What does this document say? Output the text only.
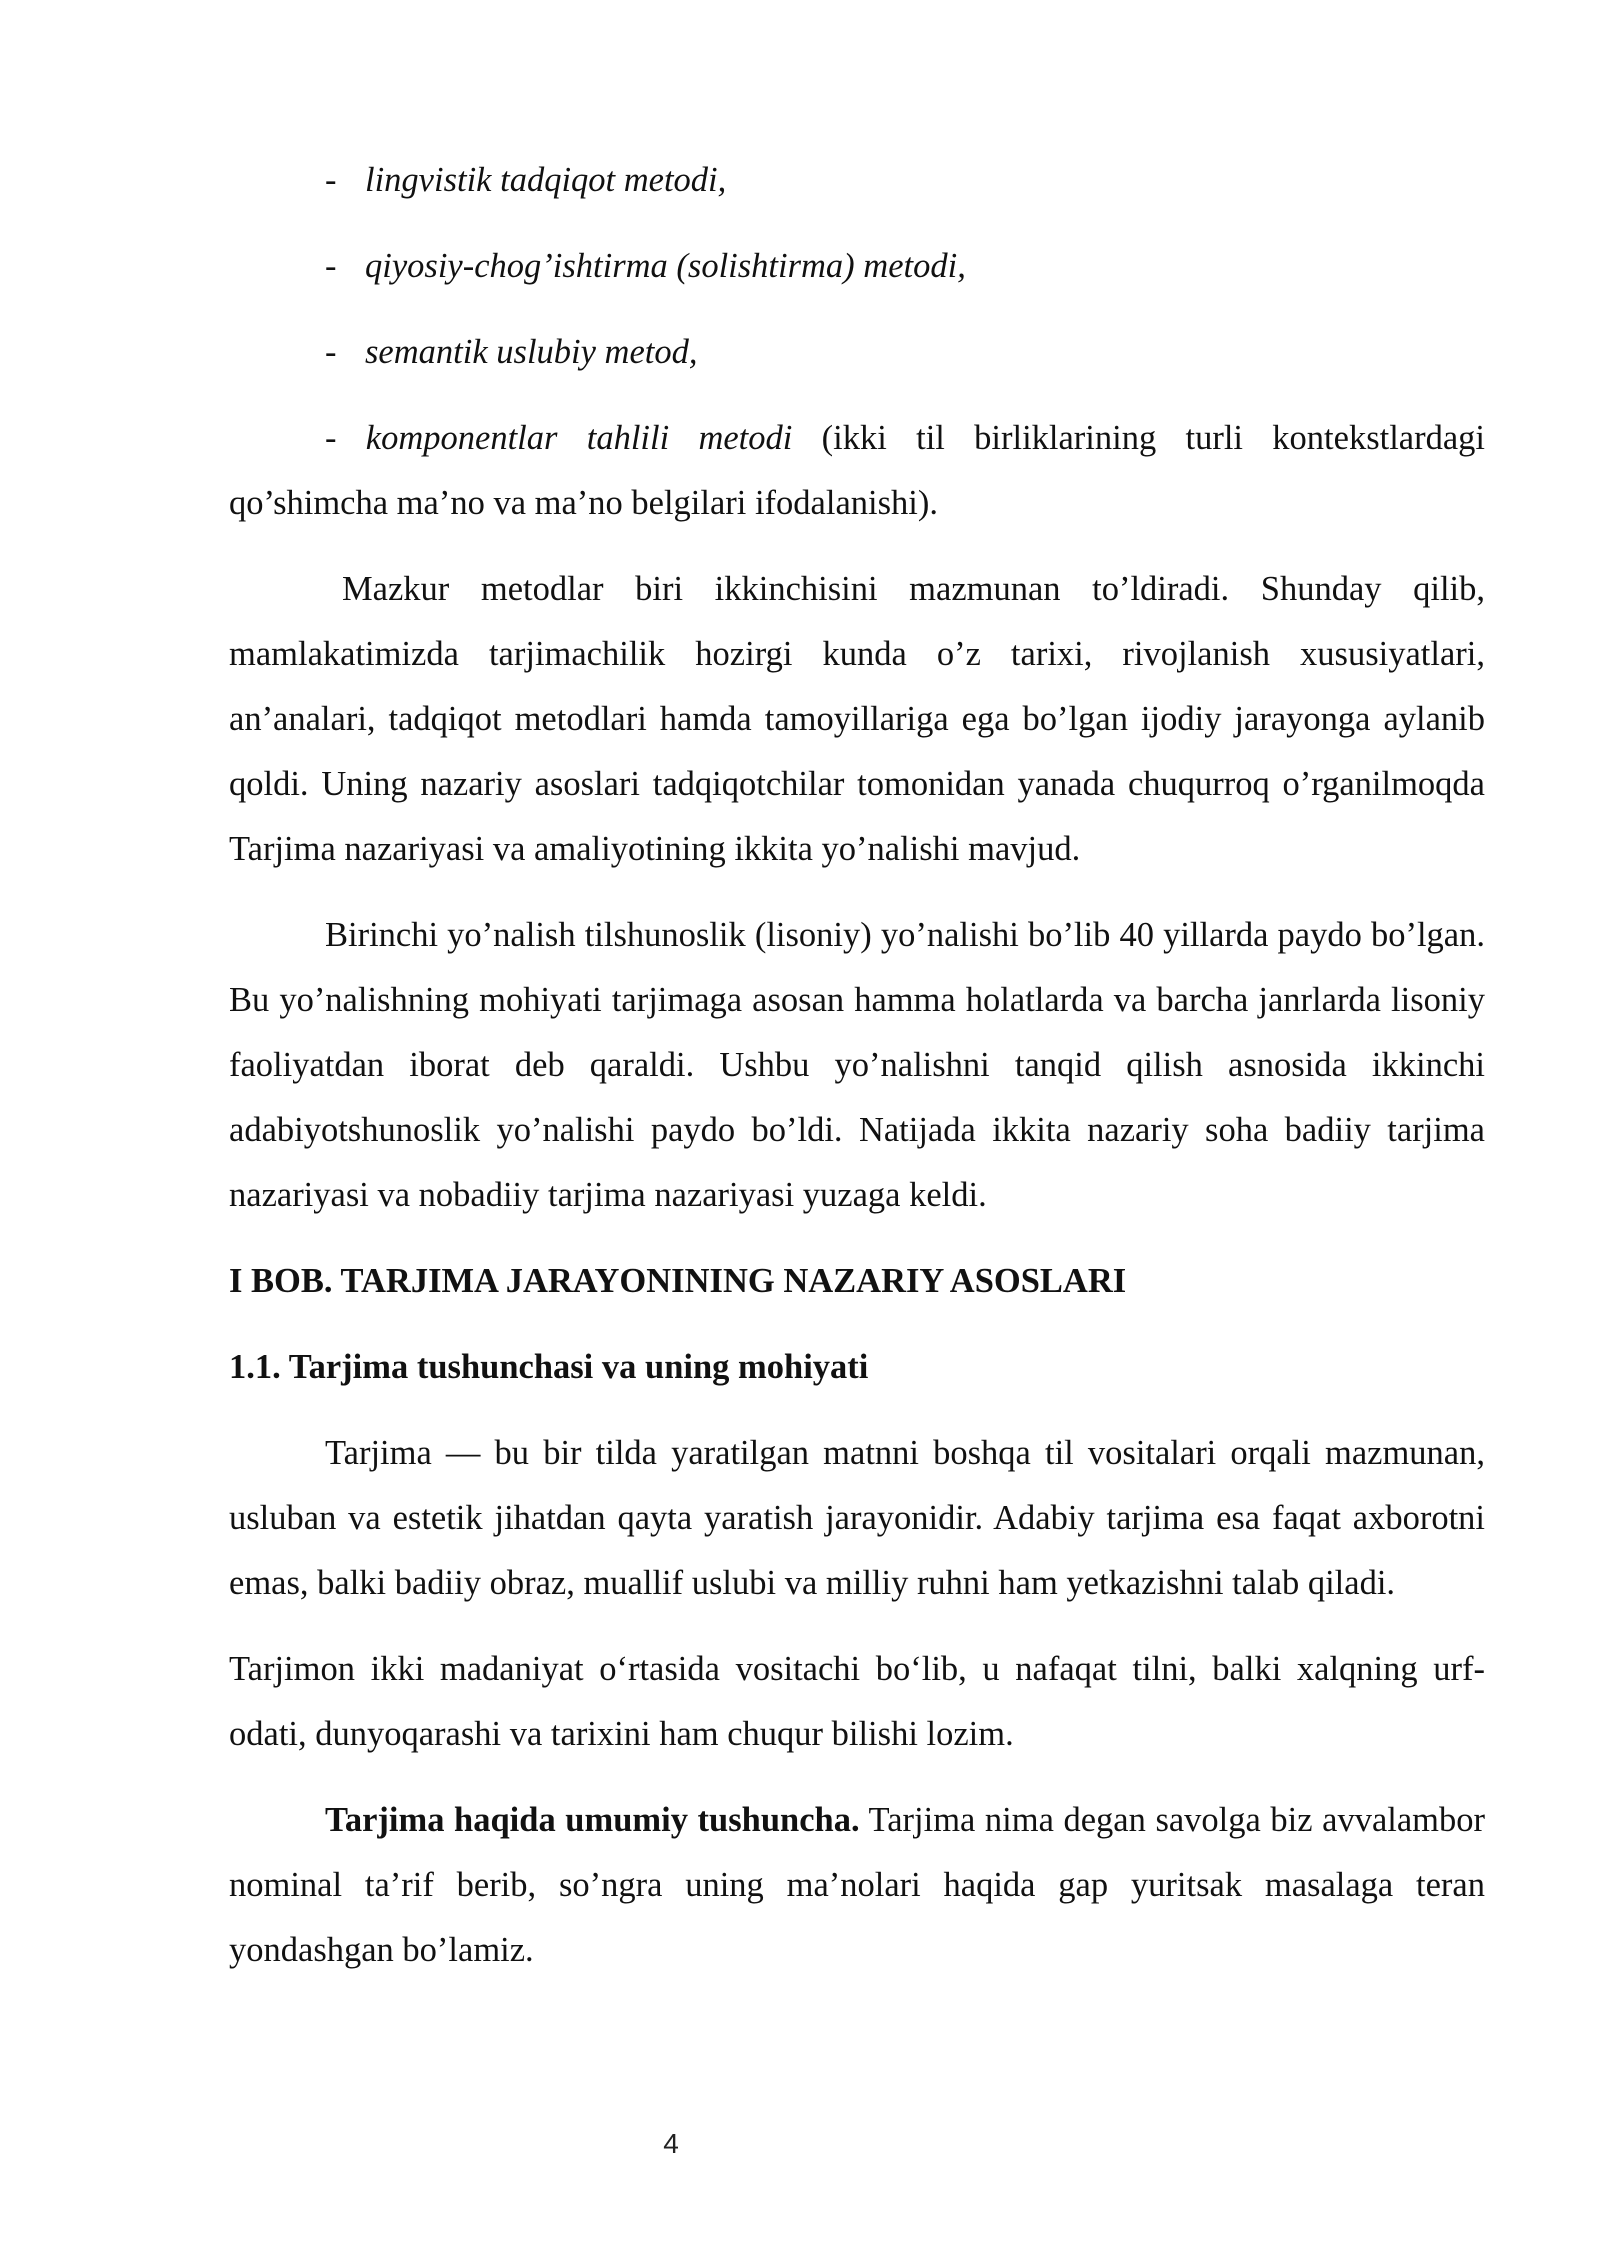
- lingvistik tadqiqot metodi,
- qiyosiy-chog’ishtirma (solishtirma) metodi,
- semantik uslubiy metod,

- komponentlar tahlili metodi (ikki til birliklarining turli kontekstlardagi qo’shimcha ma’no va ma’no belgilari ifodalanishi).

Mazkur metodlar biri ikkinchisini mazmunan to’ldiradi. Shunday qilib, mamlakatimizda tarjimachilik hozirgi kunda o’z tarixi, rivojlanish xususiyatlari, an’analari, tadqiqot metodlari hamda tamoyillariga ega bo’lgan ijodiy jarayonga aylanib qoldi. Uning nazariy asoslari tadqiqotchilar tomonidan yanada chuqurroq o’rganilmoqda Tarjima nazariyasi va amaliyotining ikkita yo’nalishi mavjud.

Birinchi yo’nalish tilshunoslik (lisoniy) yo’nalishi bo’lib 40 yillarda paydo bo’lgan. Bu yo’nalishning mohiyati tarjimaga asosan hamma holatlarda va barcha janrlarda lisoniy faoliyatdan iborat deb qaraldi. Ushbu yo’nalishni tanqid qilish asnosida ikkinchi adabiyotshunoslik yo’nalishi paydo bo’ldi. Natijada ikkita nazariy soha badiiy tarjima nazariyasi va nobadiiy tarjima nazariyasi yuzaga keldi.

I BOB. TARJIMA JARAYONINING NAZARIY ASOSLARI
1.1. Tarjima tushunchasi va uning mohiyati

Tarjima — bu bir tilda yaratilgan matnni boshqa til vositalari orqali mazmunan, usluban va estetik jihatdan qayta yaratish jarayonidir. Adabiy tarjima esa faqat axborotni emas, balki badiiy obraz, muallif uslubi va milliy ruhni ham yetkazishni talab qiladi.

Tarjimon ikki madaniyat o‘rtasida vositachi bo‘lib, u nafaqat tilni, balki xalqning urf-odati, dunyoqarashi va tarixini ham chuqur bilishi lozim.

Tarjima haqida umumiy tushuncha. Tarjima nima degan savolga biz avvalambor nominal ta’rif berib, so’ngra uning ma’nolari haqida gap yuritsak masalaga teran yondashgan bo’lamiz.

4
